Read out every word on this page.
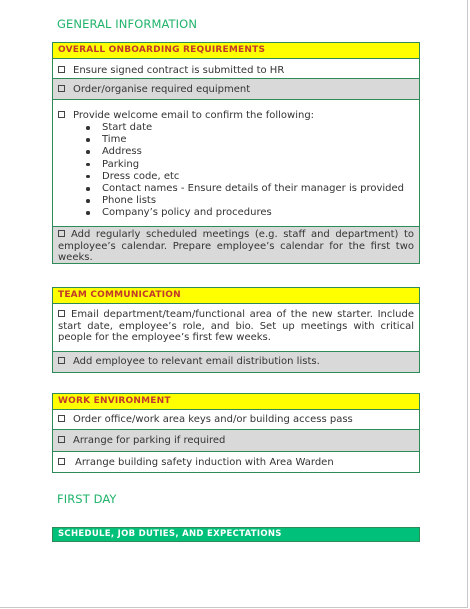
GENERAL INFORMATION
OVERALL ONBOARDING REQUIREMENTS
Ensure signed contract is submitted to HR
Order/organise required equipment
Provide welcome email to confirm the following:
Start date
Time
Address
Parking
Dress code, etc
Contact names - Ensure details of their manager is provided
Phone lists
Company’s policy and procedures
Add regularly scheduled meetings (e.g. staff and department) to employee’s calendar. Prepare employee’s calendar for the first two weeks.
TEAM COMMUNICATION
Email department/team/functional area of the new starter. Include start date, employee’s role, and bio. Set up meetings with critical people for the employee’s first few weeks.
Add employee to relevant email distribution lists.
WORK ENVIRONMENT
Order office/work area keys and/or building access pass
Arrange for parking if required
Arrange building safety induction with Area Warden
FIRST DAY
SCHEDULE, JOB DUTIES, AND EXPECTATIONS
